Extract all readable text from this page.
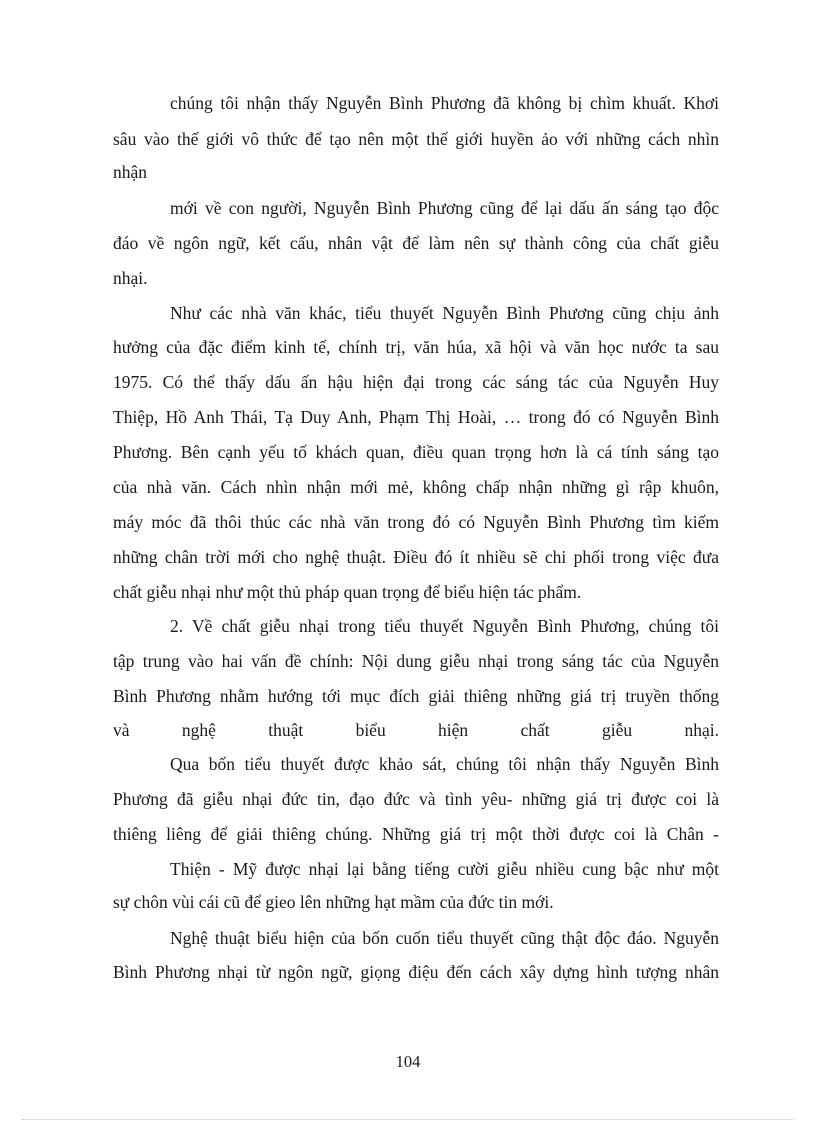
chúng tôi nhận thấy Nguyễn Bình Phương đã không bị chìm khuất. Khơi
sâu vào thế giới vô thức để tạo nên một thế giới huyền ảo với những cách nhìn
nhận
mới về con người, Nguyễn Bình Phương cũng để lại dấu ấn sáng tạo độc
đáo về ngôn ngữ, kết cấu, nhân vật để làm nên sự thành công của chất giễu
nhại.
Như các nhà văn khác, tiểu thuyết Nguyễn Bình Phương cũng chịu ảnh
hưởng của đặc điểm kinh tế, chính trị, văn húa, xã hội và văn học nước ta sau
1975. Có thể thấy dấu ấn hậu hiện đại trong các sáng tác của Nguyễn Huy
Thiệp, Hồ Anh Thái, Tạ Duy Anh, Phạm Thị Hoài, … trong đó có Nguyễn Bình
Phương. Bên cạnh yếu tố khách quan, điều quan trọng hơn là cá tính sáng tạo
của nhà văn. Cách nhìn nhận mới mẻ, không chấp nhận những gì rập khuôn,
máy móc đã thôi thúc các nhà văn trong đó có Nguyễn Bình Phương tìm kiếm
những chân trời mới cho nghệ thuật. Điều đó ít nhiều sẽ chi phối trong việc đưa
chất giễu nhại như một thủ pháp quan trọng để biểu hiện tác phẩm.
2. Về chất giễu nhại trong tiểu thuyết Nguyễn Bình Phương, chúng tôi
tập trung vào hai vấn đề chính: Nội dung giễu nhại trong sáng tác của Nguyễn
Bình Phương nhằm hướng tới mục đích giải thiêng những giá trị truyền thống
và nghệ thuật biểu hiện chất giễu nhại.
Qua bốn tiểu thuyết được khảo sát, chúng tôi nhận thấy Nguyễn Bình
Phương đã giễu nhại đức tin, đạo đức và tình yêu- những giá trị được coi là
thiêng liêng để giải thiêng chúng. Những giá trị một thời được coi là Chân -
Thiện - Mỹ được nhại lại bằng tiếng cười giễu nhiều cung bậc như một
sự chôn vùi cái cũ để gieo lên những hạt mầm của đức tin mới.
Nghệ thuật biểu hiện của bốn cuốn tiểu thuyết cũng thật độc đáo. Nguyễn
Bình Phương nhại từ ngôn ngữ, giọng điệu đến cách xây dựng hình tượng nhân
104
